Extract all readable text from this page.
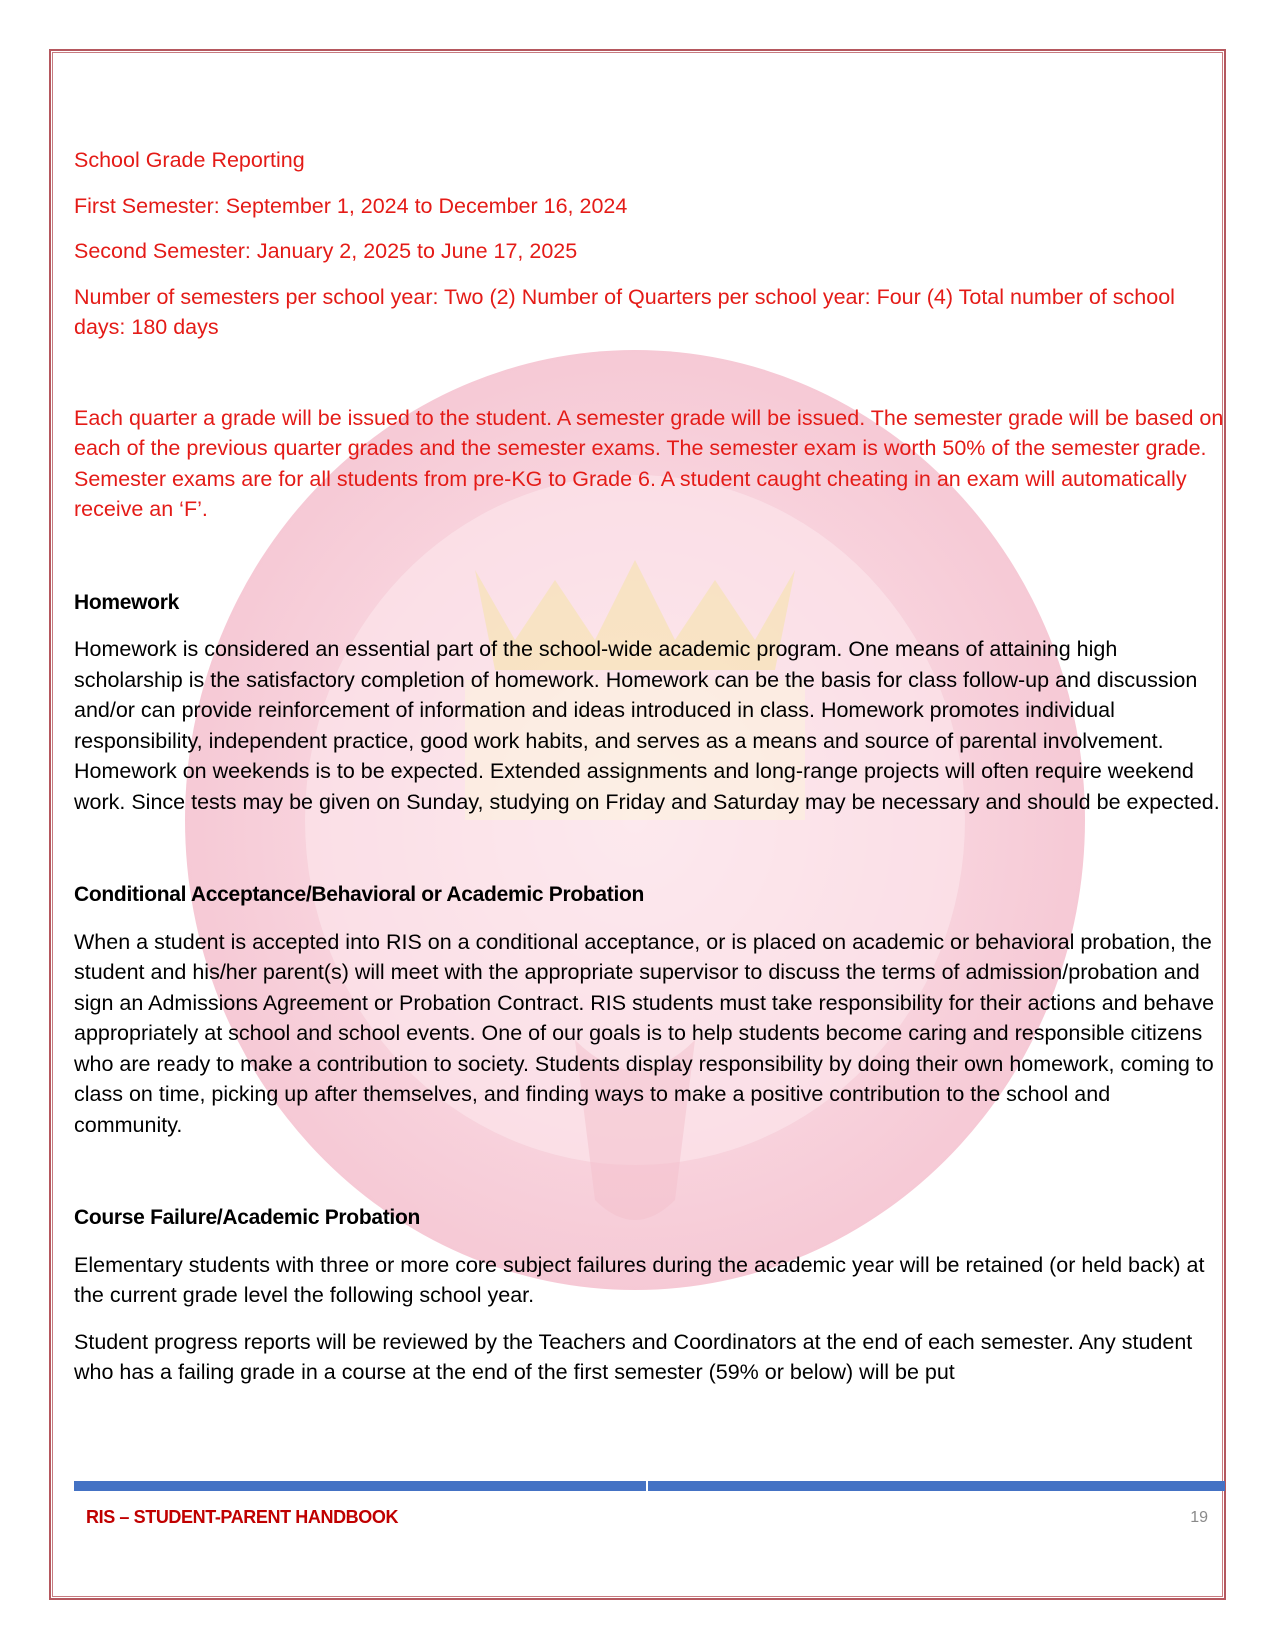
School Grade Reporting

First Semester: September 1, 2024 to December 16, 2024

Second Semester: January 2, 2025 to June 17, 2025

Number of semesters per school year: Two (2) Number of Quarters per school year: Four (4) Total number of school days: 180 days

Each quarter a grade will be issued to the student. A semester grade will be issued. The semester grade will be based on each of the previous quarter grades and the semester exams. The semester exam is worth 50% of the semester grade. Semester exams are for all students from pre-KG to Grade 6. A student caught cheating in an exam will automatically receive an ‘F’.

Homework

Homework is considered an essential part of the school-wide academic program. One means of attaining high scholarship is the satisfactory completion of homework. Homework can be the basis for class follow-up and discussion and/or can provide reinforcement of information and ideas introduced in class. Homework promotes individual responsibility, independent practice, good work habits, and serves as a means and source of parental involvement. Homework on weekends is to be expected. Extended assignments and long-range projects will often require weekend work. Since tests may be given on Sunday, studying on Friday and Saturday may be necessary and should be expected.

Conditional Acceptance/Behavioral or Academic Probation

When a student is accepted into RIS on a conditional acceptance, or is placed on academic or behavioral probation, the student and his/her parent(s) will meet with the appropriate supervisor to discuss the terms of admission/probation and sign an Admissions Agreement or Probation Contract. RIS students must take responsibility for their actions and behave appropriately at school and school events. One of our goals is to help students become caring and responsible citizens who are ready to make a contribution to society. Students display responsibility by doing their own homework, coming to class on time, picking up after themselves, and finding ways to make a positive contribution to the school and community.

Course Failure/Academic Probation

Elementary students with three or more core subject failures during the academic year will be retained (or held back) at the current grade level the following school year.

Student progress reports will be reviewed by the Teachers and Coordinators at the end of each semester. Any student who has a failing grade in a course at the end of the first semester (59% or below) will be put

RIS – STUDENT-PARENT HANDBOOK	19
